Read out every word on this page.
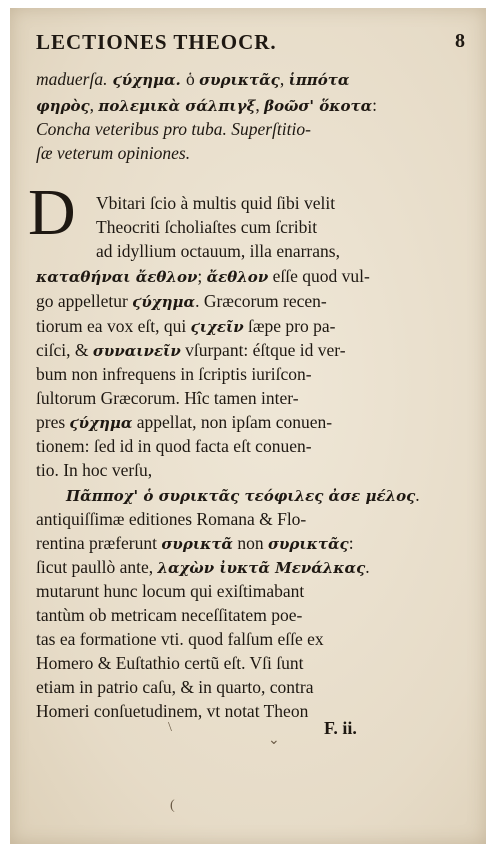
LECTIONES THEOCR.	8
D
maduerſa. ϛύχημα. ὁ συρικτᾶς, ἱππότα
φηρὸς, πολεμικὰ σάλπιγξ, βοῶσ' ὅκοτα:
Concha veteribus pro tuba. Superſtitio-
ſæ veterum opiniones.
Vbitari ſcio à multis quid ſibi velit
Theocriti ſcholiaſtes cum ſcribit
ad idyllium octauum, illa enarrans,
καταθήναι ἄεθλον; ἄεθλον eſſe quod vul-
go appelletur ϛύχημα. Græcorum recen-
tiorum ea vox eſt, qui ϛιχεῖν ſæpe pro pa-
ciſci, & συναινεῖν vſurpant: éſtque id ver-
bum non infrequens in ſcriptis iuriſcon-
ſultorum Græcorum. Hîc tamen inter-
pres ϛύχημα appellat, non ipſam conuen-
tionem: ſed id in quod facta eſt conuen-
tio. In hoc verſu,
Πᾶπποχ' ὁ συρικτᾶς τεόφιλες ἀσε μέλος.
antiquiſſimæ editiones Romana & Flo-
rentina præferunt συρικτᾶ non συρικτᾶς:
ſicut paullò ante, λαχὼν ἰυκτᾶ Μενάλκας.
mutarunt hunc locum qui exiſtimabant
tantùm ob metricam neceſſitatem poe-
tas ea formatione vti. quod falſum eſſe ex
Homero & Euſtathio certũ eſt. Vſi ſunt
etiam in patrio caſu, & in quarto, contra
Homeri conſuetudinem, vt notat Theon
F. ii.
\
⌄
(
